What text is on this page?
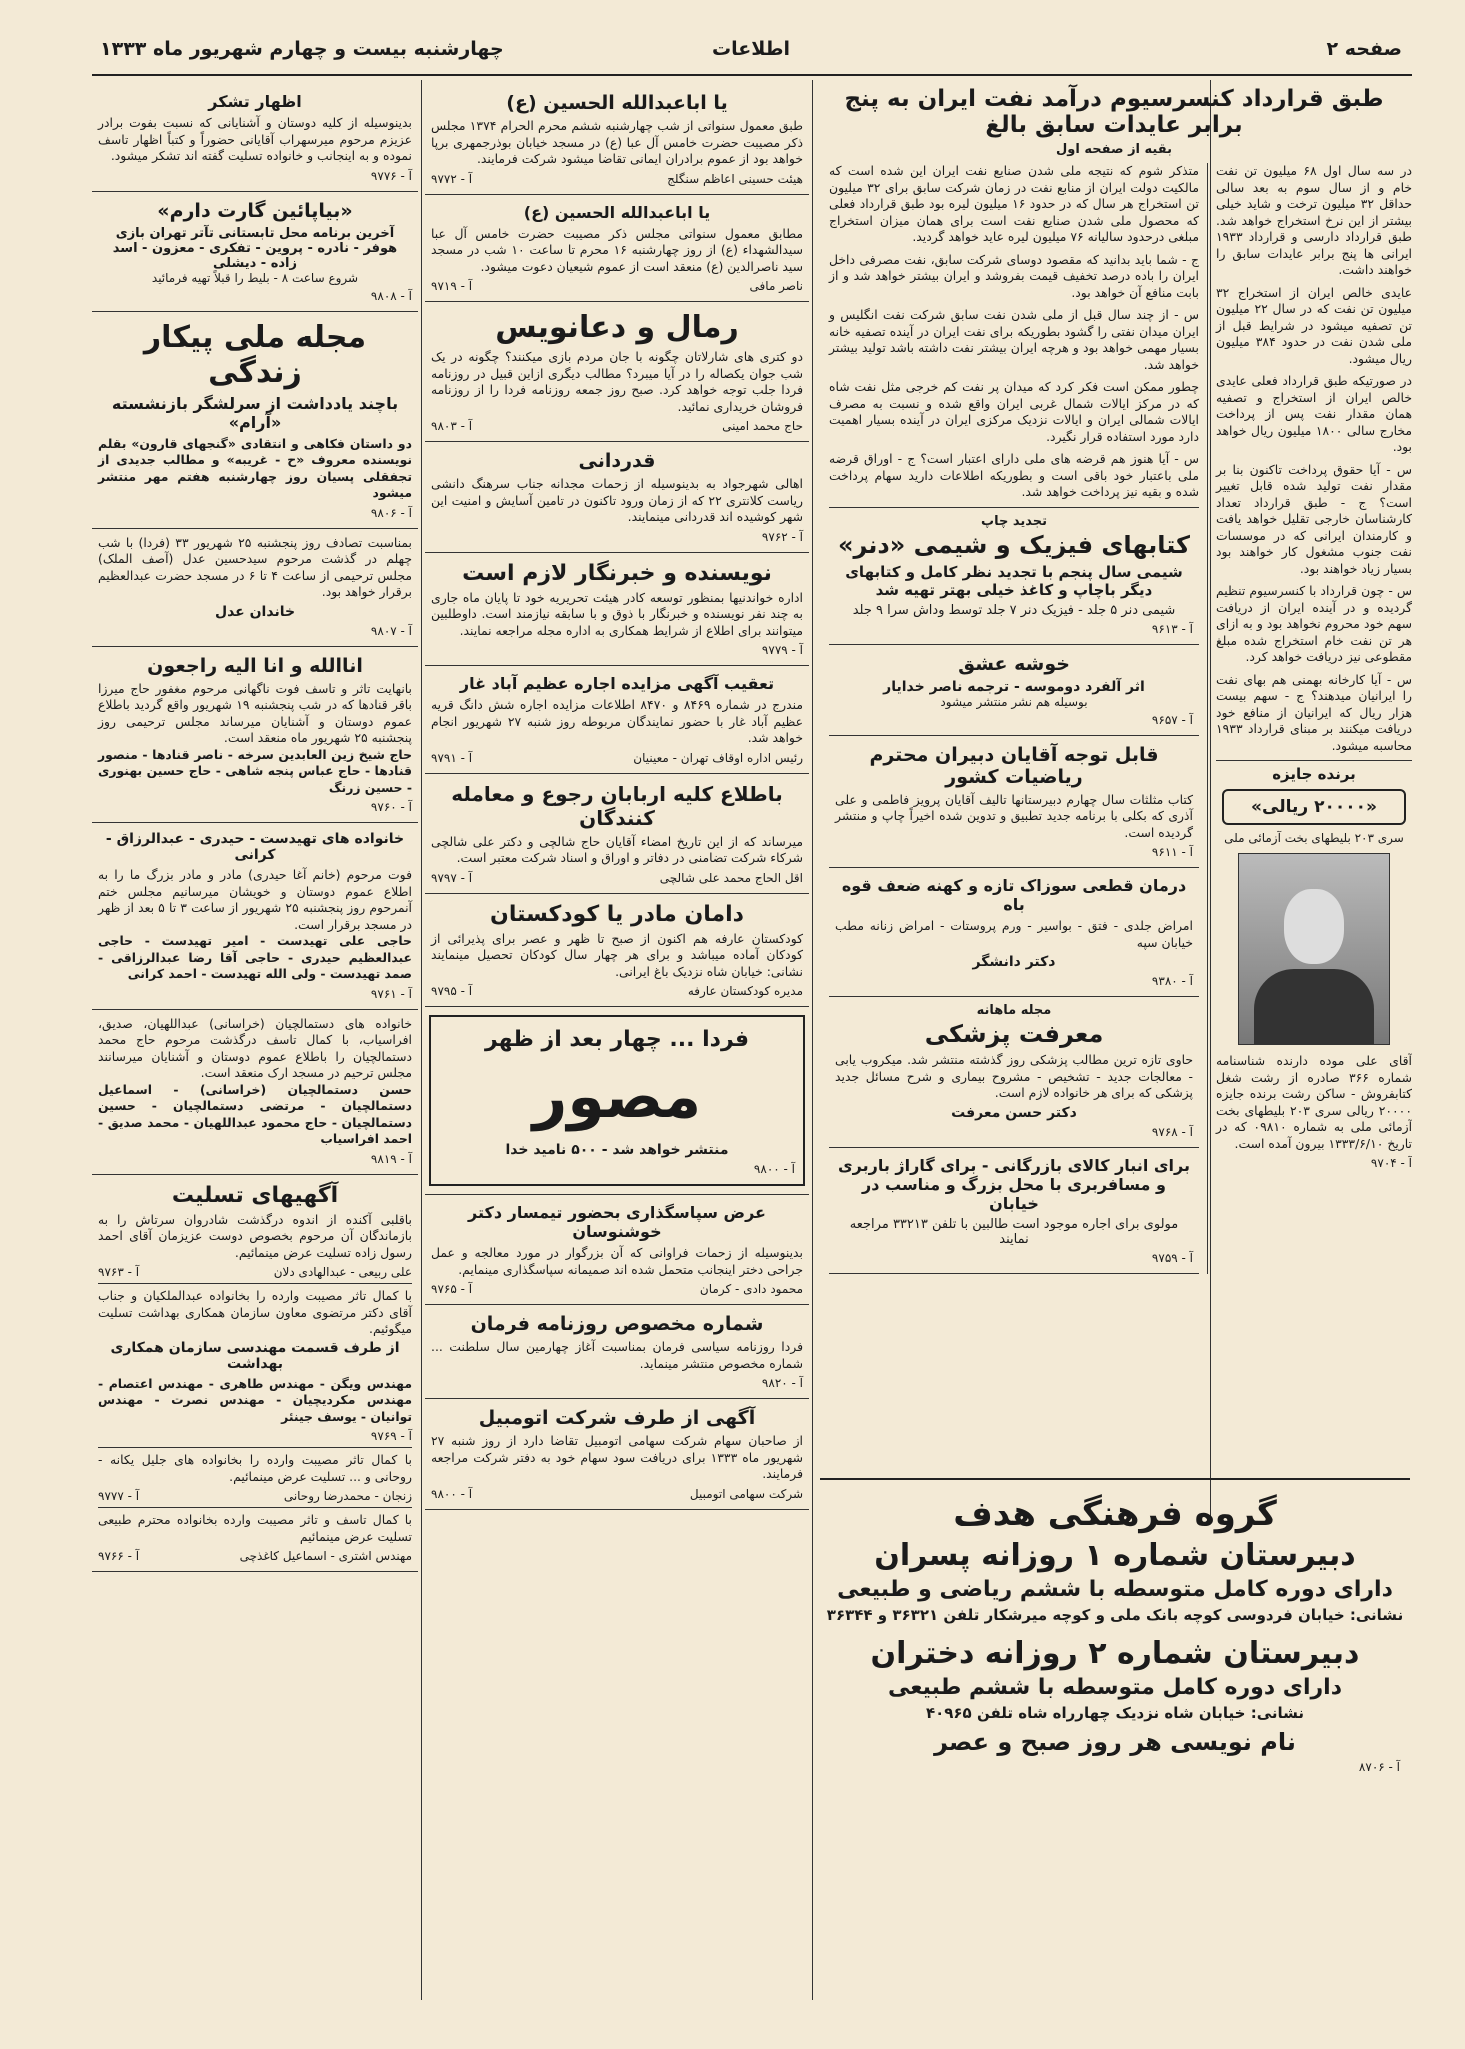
صفحه ۲
اطلاعات
چهارشنبه بیست و چهارم شهریور ماه ۱۳۳۳
طبق قرارداد کنسرسیوم درآمد نفت ایران به پنج برابر عایدات سابق بالغ
بقیه از صفحه اول

در سه سال اول ۶۸ میلیون تن نفت خام و از سال سوم به بعد سالی حداقل ۳۲ میلیون ترخت و شاید خیلی بیشتر از این نرخ استخراج خواهد شد. طبق قرارداد دارسی و قرارداد ۱۹۳۳ ایرانی ها پنج برابر عایدات سابق را خواهند داشت.

عایدی خالص ایران از استخراج ۳۲ میلیون تن نفت که در سال ۲۲ میلیون تن تصفیه میشود در شرایط قبل از ملی شدن نفت در حدود ۳۸۴ میلیون ریال میشود.

در صورتیکه طبق قرارداد فعلی عایدی خالص ایران از استخراج و تصفیه همان مقدار نفت پس از پرداخت مخارج سالی ۱۸۰۰ میلیون ریال خواهد بود.

س - آیا حقوق پرداخت تاکنون بنا بر مقدار نفت تولید شده قابل تغییر است؟ ج - طبق قرارداد تعداد کارشناسان خارجی تقلیل خواهد یافت و کارمندان ایرانی که در موسسات نفت جنوب مشغول کار خواهند بود بسیار زیاد خواهند بود.

س - چون قرارداد با کنسرسیوم تنظیم گردیده و در آینده ایران از دریافت سهم خود محروم نخواهد بود و به ازای هر تن نفت خام استخراج شده مبلغ مقطوعی نیز دریافت خواهد کرد.

س - آیا کارخانه بهمنی هم بهای نفت را ایرانیان میدهند؟ ج - سهم بیست هزار ریال که ایرانیان از منافع خود دریافت میکنند بر مبنای قرارداد ۱۹۳۳ محاسبه میشود.

برنده جایزه
«۲۰۰۰۰ ریالی»
سری ۲۰۳ بلیطهای بخت آزمائی ملی
آقای علی موده دارنده شناسنامه شماره ۳۶۶ صادره از رشت شغل کتابفروش - ساکن رشت برنده جایزه ۲۰۰۰۰ ریالی سری ۲۰۳ بلیطهای بخت آزمائی ملی به شماره ۰۹۸۱۰ که در تاریخ ۱۳۳۳/۶/۱۰ بیرون آمده است.
آ - ۹۷۰۴

متذکر شوم که نتیجه ملی شدن صنایع نفت ایران این شده است که مالکیت دولت ایران از منابع نفت در زمان شرکت سابق برای ۳۲ میلیون تن استخراج هر سال که در حدود ۱۶ میلیون لیره بود طبق قرارداد فعلی که محصول ملی شدن صنایع نفت است برای همان میزان استخراج مبلغی درحدود سالیانه ۷۶ میلیون لیره عاید خواهد گردید.

ج - شما باید بدانید که مقصود دوسای شرکت سابق، نفت مصرفی داخل ایران را باده درصد تخفیف قیمت بفروشد و ایران بیشتر خواهد شد و از بابت منافع آن خواهد بود.

س - از چند سال قبل از ملی شدن نفت سابق شرکت نفت انگلیس و ایران میدان نفتی را گشود بطوریکه برای نفت ایران در آینده تصفیه خانه بسیار مهمی خواهد بود و هرچه ایران بیشتر نفت داشته باشد تولید بیشتر خواهد شد.

چطور ممکن است فکر کرد که میدان پر نفت کم خرجی مثل نفت شاه که در مرکز ایالات شمال غربی ایران واقع شده و نسبت به مصرف ایالات شمالی ایران و ایالات نزدیک مرکزی ایران در آینده بسیار اهمیت دارد مورد استفاده قرار نگیرد.

س - آیا هنوز هم قرضه های ملی دارای اعتبار است؟ ج - اوراق قرضه ملی باعتبار خود باقی است و بطوریکه اطلاعات دارید سهام پرداخت شده و بقیه نیز پرداخت خواهد شد.

تجدید چاپ
کتابهای فیزیک و شیمی «دنر»
شیمی سال پنجم با تجدید نظر کامل و کتابهای دیگر باچاپ و کاغذ خیلی بهتر تهیه شد
شیمی دنر ۵ جلد - فیزیک دنر ۷ جلد توسط وداش سرا ۹ جلد
آ - ۹۶۱۳
خوشه عشق
اثر آلفرد دوموسه - ترجمه ناصر خدایار
بوسیله هم نشر منتشر میشود
آ - ۹۶۵۷
قابل توجه آقایان دبیران محترم ریاضیات کشور
کتاب مثلثات سال چهارم دبیرستانها تالیف آقایان پرویز فاطمی و علی آذری که بکلی با برنامه جدید تطبیق و تدوین شده اخیراً چاپ و منتشر گردیده است.
آ - ۹۶۱۱
درمان قطعی سوزاک تازه و کهنه ضعف قوه باه
امراض جلدی - فتق - بواسیر - ورم پروستات - امراض زنانه مطب خیابان سپه
دکتر دانشگر
آ - ۹۳۸۰
مجله ماهانه
معرفت پزشکی
حاوی تازه ترین مطالب پزشکی روز گذشته منتشر شد. میکروب یابی - معالجات جدید - تشخیص - مشروح بیماری و شرح مسائل جدید پزشکی که برای هر خانواده لازم است.
دکتر حسن معرفت
آ - ۹۷۶۸
برای انبار کالای بازرگانی - برای گاراژ باربری و مسافربری با محل بزرگ و مناسب در خیابان
مولوی برای اجاره موجود است طالبین با تلفن ۳۳۲۱۳ مراجعه نمایند
آ - ۹۷۵۹
گروه فرهنگی هدف
دبیرستان شماره ۱ روزانه پسران
دارای دوره کامل متوسطه با ششم ریاضی و طبیعی
نشانی: خیابان فردوسی کوچه بانک ملی و کوچه میرشکار تلفن ۳۶۳۲۱ و ۳۶۳۴۴
دبیرستان شماره ۲ روزانه دختران
دارای دوره کامل متوسطه با ششم طبیعی
نشانی: خیابان شاه نزدیک چهارراه شاه تلفن ۴۰۹۶۵
نام نویسی هر روز صبح و عصر
آ - ۸۷۰۶
یا اباعبدالله الحسین (ع)
طبق معمول سنواتی از شب چهارشنبه ششم محرم الحرام ۱۳۷۴ مجلس ذکر مصیبت حضرت خامس آل عبا (ع) در مسجد خیابان بوذرجمهری برپا خواهد بود از عموم برادران ایمانی تقاضا میشود شرکت فرمایند.
هیئت حسینی اعاظم سنگلج
آ - ۹۷۷۲
یا اباعبدالله الحسین (ع)
مطابق معمول سنواتی مجلس ذکر مصیبت حضرت خامس آل عبا سیدالشهداء (ع) از روز چهارشنبه ۱۶ محرم تا ساعت ۱۰ شب در مسجد سید ناصرالدین (ع) منعقد است از عموم شیعیان دعوت میشود.
ناصر مافی
آ - ۹۷۱۹
رمال و دعانویس
دو کتری های شارلاتان چگونه با جان مردم بازی میکنند؟ چگونه در یک شب جوان یکصاله را در آیا میبرد؟ مطالب دیگری ازاین قبیل در روزنامه فردا جلب توجه خواهد کرد. صبح روز جمعه روزنامه فردا را از روزنامه فروشان خریداری نمائید.
حاج محمد امینی
آ - ۹۸۰۳
قدردانی
اهالی شهرجواد به بدینوسیله از زحمات مجدانه جناب سرهنگ دانشی ریاست کلانتری ۲۲ که از زمان ورود تاکنون در تامین آسایش و امنیت این شهر کوشیده اند قدردانی مینمایند.
آ - ۹۷۶۲
نویسنده و خبرنگار لازم است
اداره خواندنیها بمنظور توسعه کادر هیئت تحریریه خود تا پایان ماه جاری به چند نفر نویسنده و خبرنگار با ذوق و با سابقه نیازمند است. داوطلبین میتوانند برای اطلاع از شرایط همکاری به اداره مجله مراجعه نمایند.
آ - ۹۷۷۹
تعقیب آگهی مزایده اجاره عظیم آباد غار
مندرج در شماره ۸۴۶۹ و ۸۴۷۰ اطلاعات مزایده اجاره شش دانگ قریه عظیم آباد غار با حضور نمایندگان مربوطه روز شنبه ۲۷ شهریور انجام خواهد شد.
رئیس اداره اوقاف تهران - معینیان
آ - ۹۷۹۱
باطلاع کلیه اربابان رجوع و معامله کنندگان
میرساند که از این تاریخ امضاء آقایان حاج شالچی و دکتر علی شالچی شرکاء شرکت تضامنی در دفاتر و اوراق و اسناد شرکت معتبر است.
اقل الحاج محمد علی شالچی
آ - ۹۷۹۷
دامان مادر یا کودکستان
کودکستان عارفه هم اکنون از صبح تا ظهر و عصر برای پذیرائی از کودکان آماده میباشد و برای هر چهار سال کودکان تحصیل مینمایند نشانی: خیابان شاه نزدیک باغ ایرانی.
مدیره کودکستان عارفه
آ - ۹۷۹۵
فردا ... چهار بعد از ظهر
مصور
منتشر خواهد شد - ۵۰۰ نامید خدا
آ - ۹۸۰۰
عرض سپاسگذاری بحضور تیمسار دکتر خوشنوسان
بدینوسیله از زحمات فراوانی که آن بزرگوار در مورد معالجه و عمل جراحی دختر اینجانب متحمل شده اند صمیمانه سپاسگذاری مینمایم.
محمود دادی - کرمان
آ - ۹۷۶۵
شماره مخصوص روزنامه فرمان
فردا روزنامه سیاسی فرمان بمناسبت آغاز چهارمین سال سلطنت ... شماره مخصوص منتشر مینماید.
آ - ۹۸۲۰
آگهی از طرف شرکت اتومبیل
از صاحبان سهام شرکت سهامی اتومبیل تقاضا دارد از روز شنبه ۲۷ شهریور ماه ۱۳۳۳ برای دریافت سود سهام خود به دفتر شرکت مراجعه فرمایند.
شرکت سهامی اتومبیل
آ - ۹۸۰۰
اظهار تشکر
بدینوسیله از کلیه دوستان و آشنایانی که نسبت بفوت برادر عزیزم مرحوم میرسهراب آقایانی حضوراً و کتباً اظهار تاسف نموده و به اینجانب و خانواده تسلیت گفته اند تشکر میشود.
آ - ۹۷۷۶
«بیاپائین گارت دارم»
آخرین برنامه محل تابستانی تآتر تهران بازی هوفر - نادره - پروین - تفکری - معزون - اسد زاده - دیشلی
شروع ساعت ۸ - بلیط را قبلاً تهیه فرمائید
آ - ۹۸۰۸
مجله ملی پیکار زندگی
باچند یادداشت از سرلشگر بازنشسته «آرام»
دو داستان فکاهی و انتقادی «گنجهای قارون» بقلم نویسنده معروف «ح - غریبه» و مطالب جدیدی از تجفقلی پسیان روز چهارشنبه هفتم مهر منتشر میشود
آ - ۹۸۰۶
بمناسبت تصادف روز پنجشنبه ۲۵ شهریور ۳۳ (فردا) با شب چهلم در گذشت مرحوم سیدحسین عدل (آصف الملک) مجلس ترحیمی از ساعت ۴ تا ۶ در مسجد حضرت عبدالعظیم برقرار خواهد بود.
خاندان عدل
آ - ۹۸۰۷
اناالله و انا الیه راجعون
بانهایت تاثر و تاسف فوت ناگهانی مرحوم مغفور حاج میرزا باقر قنادها که در شب پنجشنبه ۱۹ شهریور واقع گردید باطلاع عموم دوستان و آشنایان میرساند مجلس ترحیمی روز پنجشنبه ۲۵ شهریور ماه منعقد است.
حاج شیخ زین العابدین سرخه - ناصر قنادها - منصور قنادها - حاج عباس پنجه شاهی - حاج حسین بهنوری - حسین زرنگ
آ - ۹۷۶۰
خانواده های تهیدست - حیدری - عبدالرزاق - کرانی
فوت مرحوم (خانم آغا حیدری) مادر و مادر بزرگ ما را به اطلاع عموم دوستان و خویشان میرسانیم مجلس ختم آنمرحوم روز پنجشنبه ۲۵ شهریور از ساعت ۳ تا ۵ بعد از ظهر در مسجد برقرار است.
حاجی علی تهیدست - امیر تهیدست - حاجی عبدالعظیم حیدری - حاجی آقا رضا عبدالرزاقی - صمد تهیدست - ولی الله تهیدست - احمد کرانی
آ - ۹۷۶۱
خانواده های دستمالچیان (خراسانی) عبداللهیان، صدیق، افراسیاب، با کمال تاسف درگذشت مرحوم حاج محمد دستمالچیان را باطلاع عموم دوستان و آشنایان میرسانند مجلس ترحیم در مسجد ارک منعقد است.
حسن دستمالچیان (خراسانی) - اسماعیل دستمالچیان - مرتضی دستمالچیان - حسین دستمالچیان - حاج محمود عبداللهیان - محمد صدیق - احمد افراسیاب
آ - ۹۸۱۹
آگهیهای تسلیت
باقلبی آکنده از اندوه درگذشت شادروان سرتاش را به بازماندگان آن مرحوم بخصوص دوست عزیزمان آقای احمد رسول زاده تسلیت عرض مینمائیم.
علی ربیعی - عبدالهادی دلان
آ - ۹۷۶۳
با کمال تاثر مصیبت وارده را بخانواده عبدالملکیان و جناب آقای دکتر مرتضوی معاون سازمان همکاری بهداشت تسلیت میگوئیم.
از طرف قسمت مهندسی سازمان همکاری بهداشت
مهندس ویگن - مهندس طاهری - مهندس اعتصام - مهندس مکردیچیان - مهندس نصرت - مهندس توانیان - یوسف جینئر
آ - ۹۷۶۹
با کمال تاثر مصیبت وارده را بخانواده های جلیل یکانه - روحانی و ... تسلیت عرض مینمائیم.
زنجان - محمدرضا روحانی
آ - ۹۷۷۷
با کمال تاسف و تاثر مصیبت وارده بخانواده محترم طبیعی تسلیت عرض مینمائیم
مهندس اشتری - اسماعیل کاغذچی
آ - ۹۷۶۶
